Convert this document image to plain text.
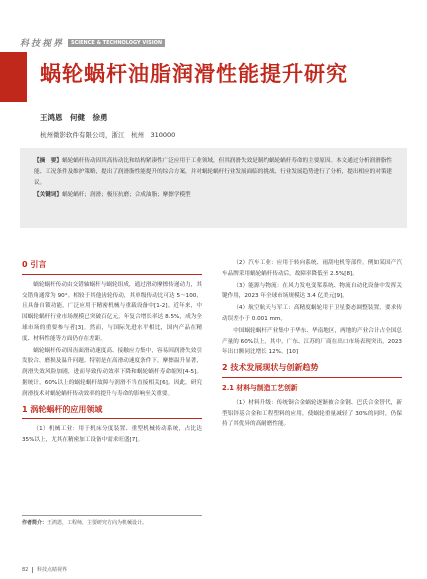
科技视界	SCIENCE & TECHNOLOGY VISION
蜗轮蜗杆油脂润滑性能提升研究
王鸿恩　何健　徐勇
杭州微影软件有限公司，浙江　杭州　310000

【摘　要】蜗轮蜗杆传动因其高传动比和结构紧凑性广泛应用于工业领域，但其润滑失效是制约蜗轮蜗杆寿命的主要原因。本文通过分析润滑脂性能、工况条件及维护策略，提出了润滑脂性能提升的综合方案，并对蜗轮蜗杆行业发展面临的挑战、行业发展趋势进行了分析，提出相应的对策建议。

【关键词】蜗轮蜗杆；润滑；极压抗磨；合成油脂；摩擦学模型

0 引言

蜗轮蜗杆传动由交错轴蜗杆与蜗轮组成，通过滑动摩擦传递动力，其交错角通常为 90°。相较于其他齿轮传动，其单级传动比可达 5～100，且具备自锁功能，广泛应用于精密机械与重载设备中[1-2]。近年来，中国蜗轮蜗杆行业市场规模已突破百亿元，年复合增长率达 8.5%，成为全球市场的重要参与者[3]。然而，与国际先进水平相比，国内产品在精度、材料性能等方面仍存在差距。

蜗轮蜗杆传动因齿面滑动速度高、接触应力集中，容易因润滑失效引发胶合、磨损及温升问题。特别是在高滑动速度条件下，摩擦温升显著，润滑失效风险加剧，进而导致传动效率下降和蜗轮蜗杆寿命缩短[4-5]。据统计，60%以上的蜗轮蜗杆故障与润滑不当直接相关[6]。因此，研究润滑技术对蜗轮蜗杆传动效率的提升与寿命的影响至关重要。

1 涡轮蜗杆的应用领域

（1）机械工业：用于机床分度装置、重型机械传动系统，占比达35%以上，尤其在精密加工设备中需求旺盛[7]。

（2）汽车工业：应用于转向系统、雨刮电机等部件。例如某国产汽车品牌采用蜗轮蜗杆传动后，故障率降低至 2.5%[8]。

（3）能源与物流：在风力发电变桨系统、物流自动化设备中发挥关键作用，2023 年全球市场规模达 3.4 亿美元[9]。

（4）航空航天与军工：高精度蜗轮用于卫星姿态调整装置，要求传动误差小于 0.001 mm。

中国蜗轮蜗杆产业集中于华东、华南地区，两地的产业合计占全国总产量的 60%以上，其中，广东、江苏的厂商在出口市场表现突出，2023 年出口额同比增长 12%。[10]

2 技术发展现状与创新趋势
2.1 材料与制造工艺创新

（1）材料升级：传统铜合金蜗轮逐渐被合金钢、巴氏合金替代，新型铝锌基合金和工程塑料的应用，使蜗轮重量减轻了 30%的同时，仍保持了其优异的高耐磨性能。

作者简介：王鸿恩，工程师，主要研究方向为机械设计。
82 科技点睛视界
